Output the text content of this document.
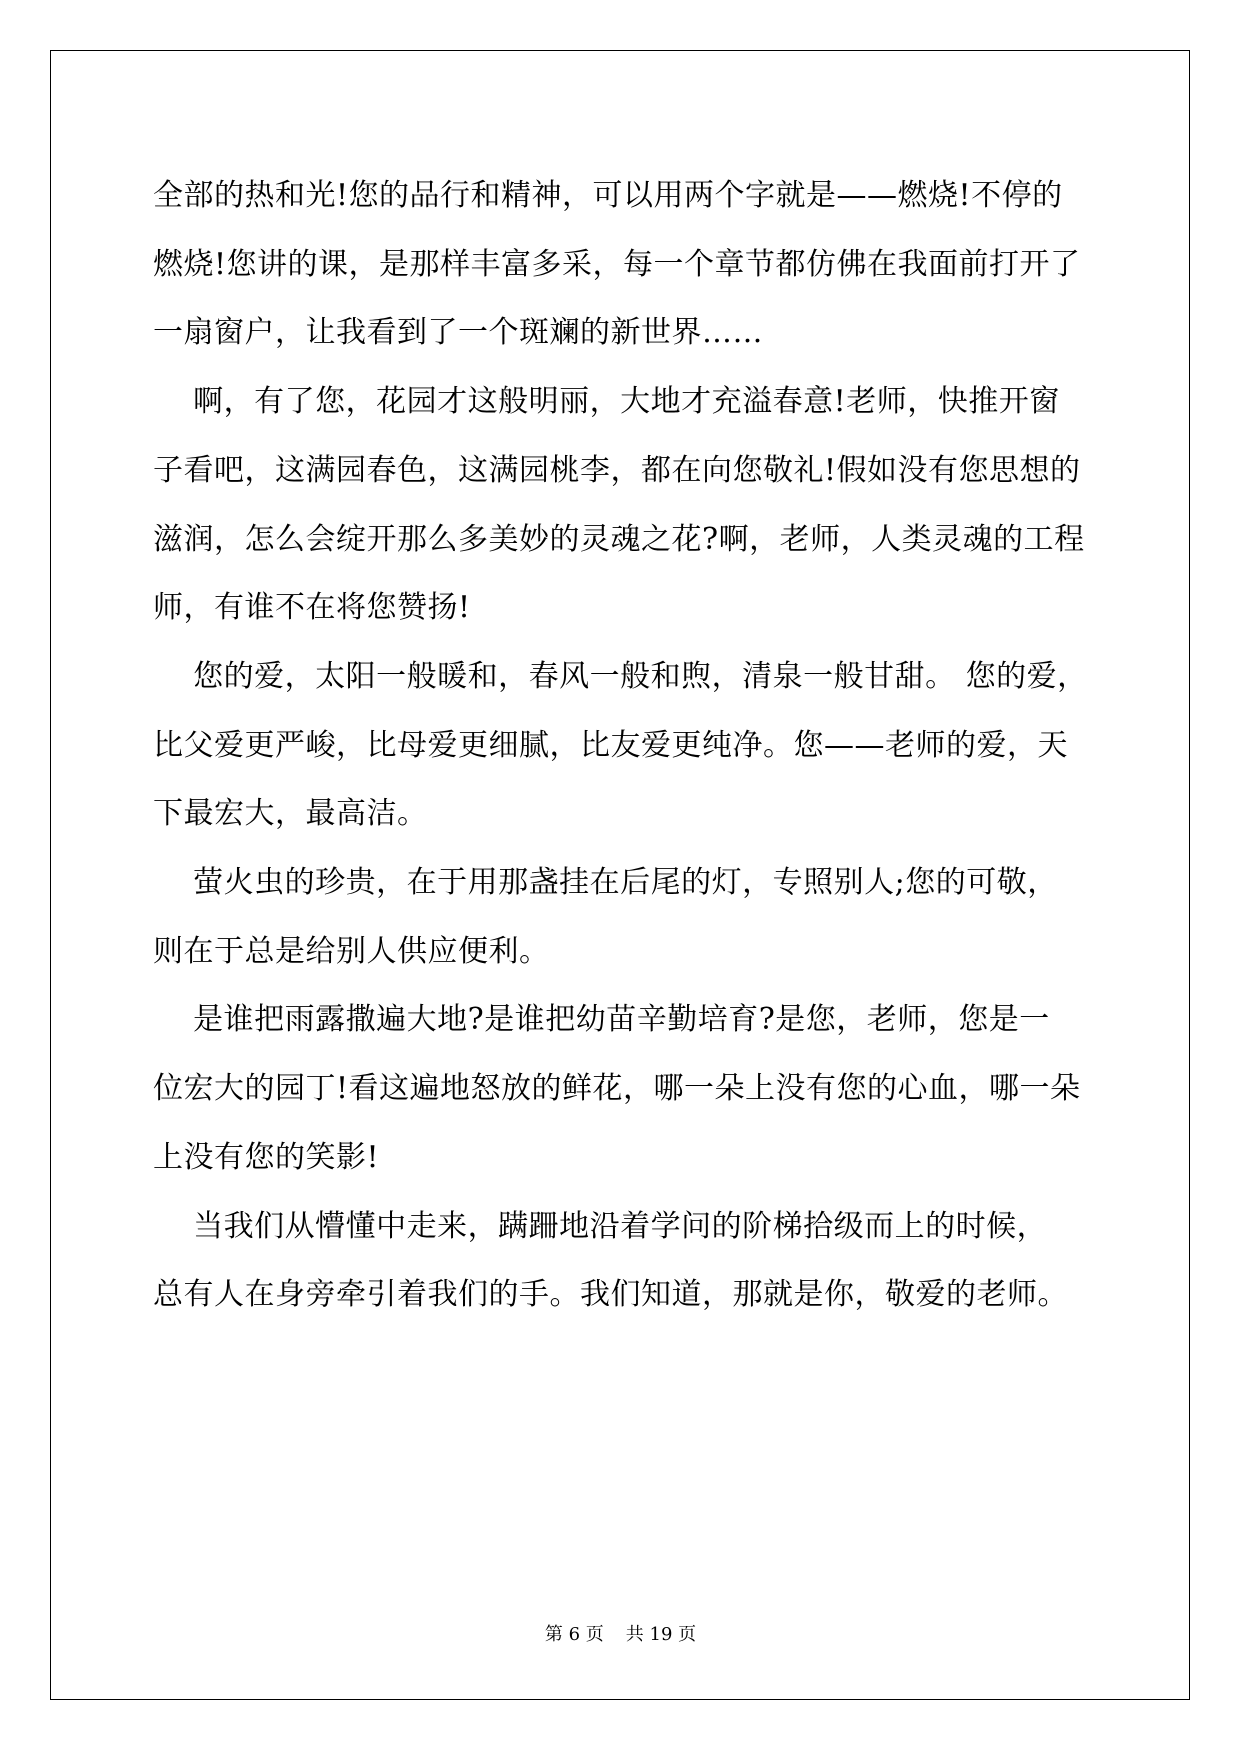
全部的热和光!您的品行和精神，可以用两个字就是——燃烧!不停的

燃烧!您讲的课，是那样丰富多采，每一个章节都仿佛在我面前打开了

一扇窗户，让我看到了一个斑斓的新世界……

啊，有了您，花园才这般明丽，大地才充溢春意!老师，快推开窗

子看吧，这满园春色，这满园桃李，都在向您敬礼!假如没有您思想的

滋润，怎么会绽开那么多美妙的灵魂之花?啊，老师，人类灵魂的工程

师，有谁不在将您赞扬!

您的爱，太阳一般暖和，春风一般和煦，清泉一般甘甜。 您的爱，

比父爱更严峻，比母爱更细腻，比友爱更纯净。您——老师的爱，天

下最宏大，最高洁。

萤火虫的珍贵，在于用那盏挂在后尾的灯，专照别人;您的可敬，

则在于总是给别人供应便利。

是谁把雨露撒遍大地?是谁把幼苗辛勤培育?是您，老师，您是一

位宏大的园丁!看这遍地怒放的鲜花，哪一朵上没有您的心血，哪一朵

上没有您的笑影!

当我们从懵懂中走来，蹒跚地沿着学问的阶梯拾级而上的时候，

总有人在身旁牵引着我们的手。我们知道，那就是你，敬爱的老师。

第 6 页 共 19 页
